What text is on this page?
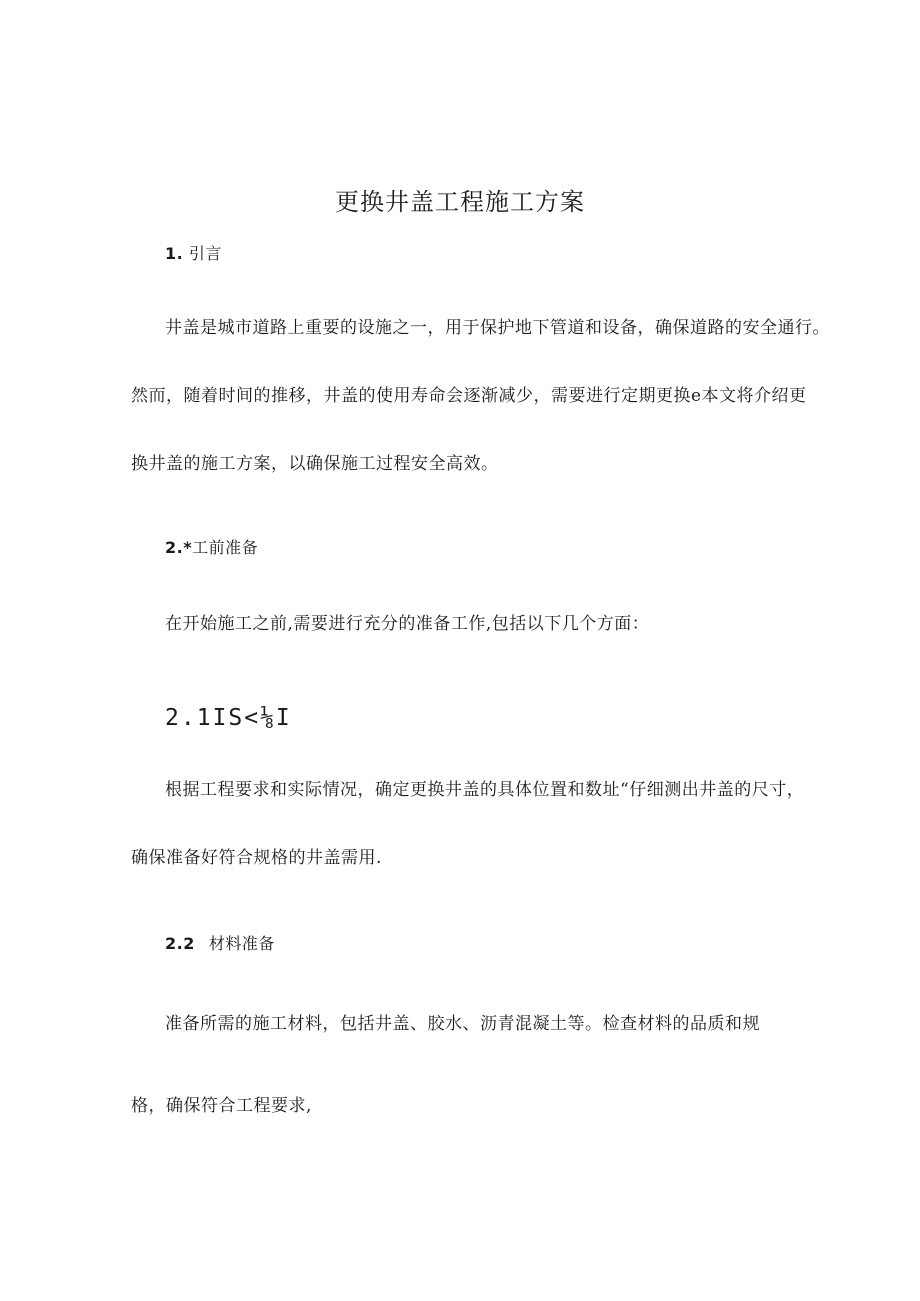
更换井盖工程施工方案
1. 引言
井盖是城市道路上重要的设施之一，用于保护地下管道和设备，确保道路的安全通行。
然而，随着时间的推移，井盖的使用寿命会逐渐减少，需要进行定期更换e本文将介绍更
换井盖的施工方案，以确保施工过程安全高效。
2.*工前准备
在开始施工之前,需要进行充分的准备工作,包括以下几个方面：
2.1IS<⅛I
根据工程要求和实际情况，确定更换井盖的具体位置和数址“仔细测出井盖的尺寸，
确保准备好符合规格的井盖需用.
2.2 材料准备
准备所需的施工材料，包括井盖、胶水、沥青混凝土等。检查材料的品质和规
格，确保符合工程要求,
